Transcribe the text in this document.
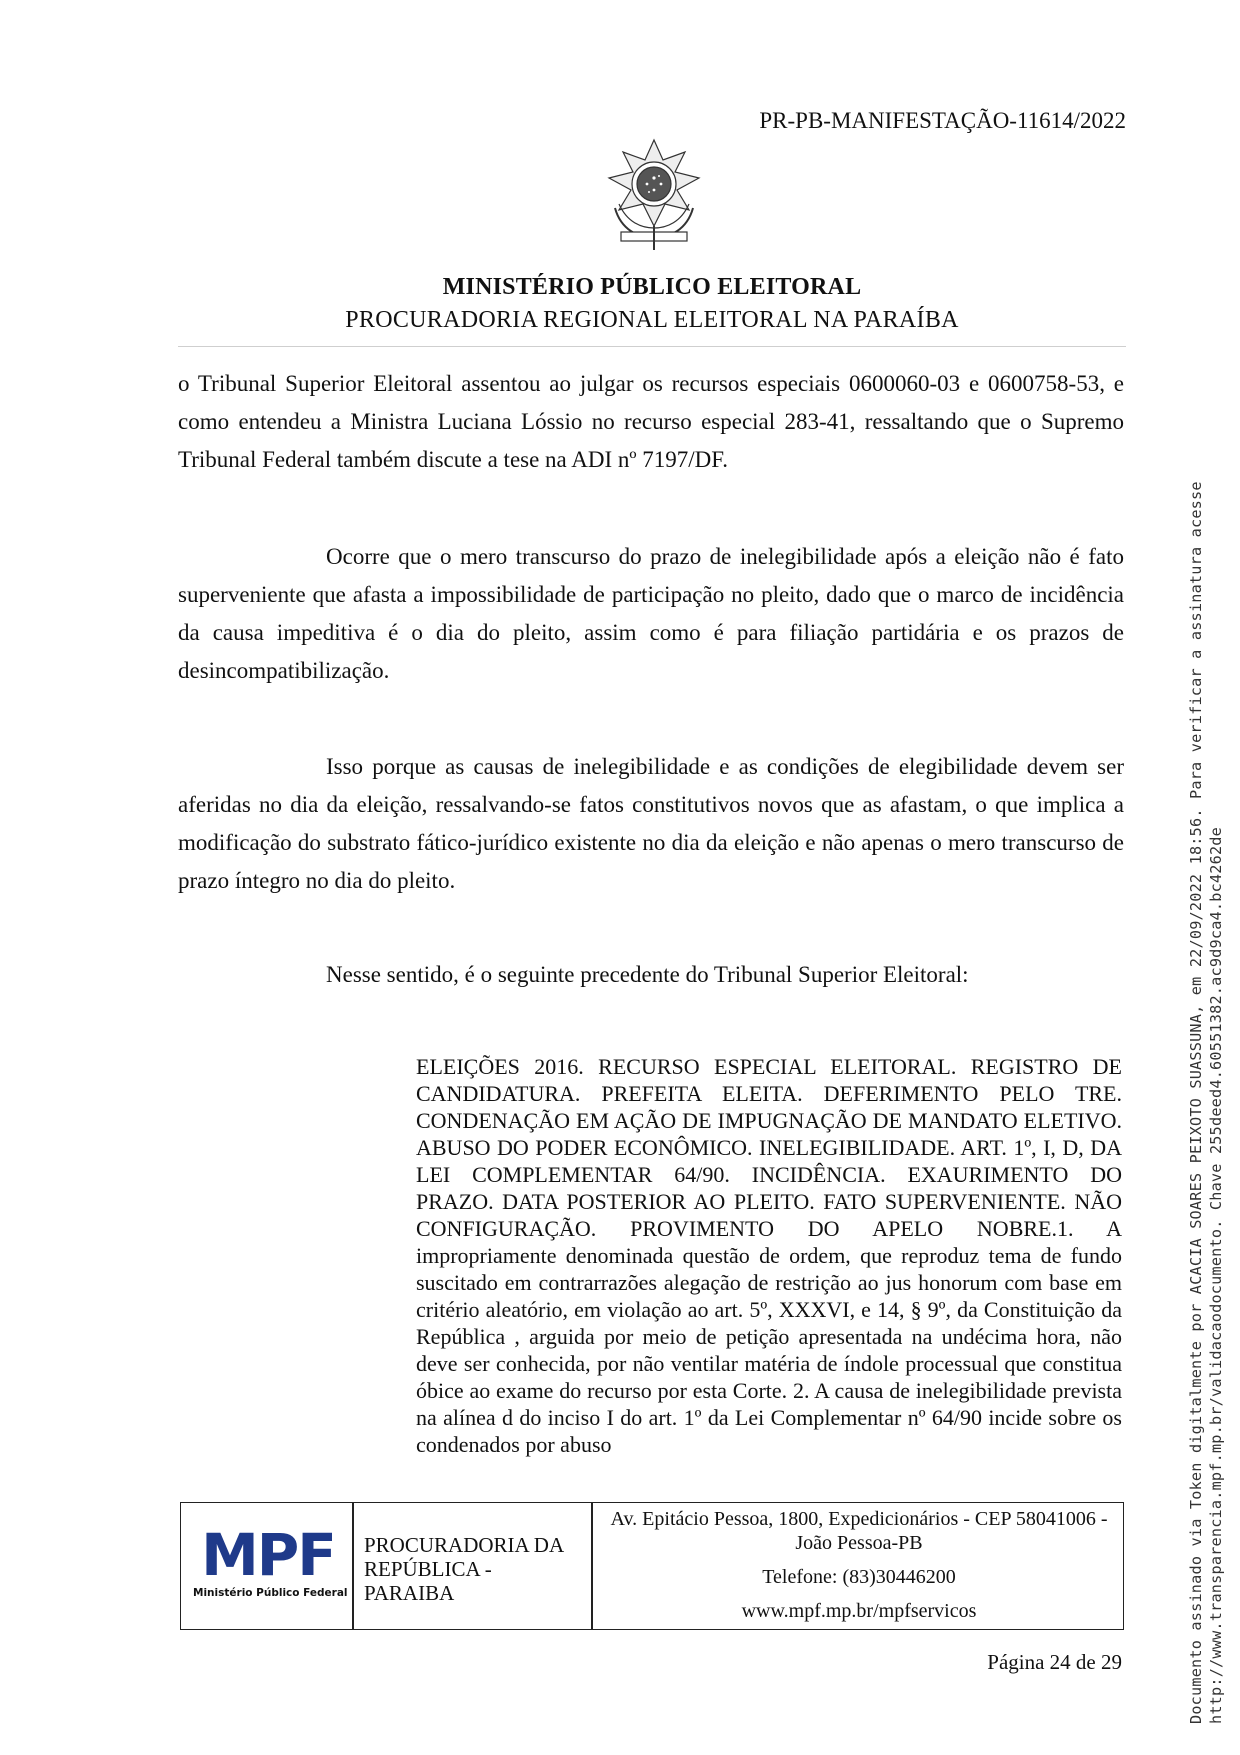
PR-PB-MANIFESTAÇÃO-11614/2022
MINISTÉRIO PÚBLICO ELEITORAL
PROCURADORIA REGIONAL ELEITORAL NA PARAÍBA
o Tribunal Superior Eleitoral assentou ao julgar os recursos especiais 0600060-03 e 0600758-53, e como entendeu a Ministra Luciana Lóssio no recurso especial 283-41, ressaltando que o Supremo Tribunal Federal também discute a tese na ADI nº 7197/DF.
Ocorre que o mero transcurso do prazo de inelegibilidade após a eleição não é fato superveniente que afasta a impossibilidade de participação no pleito, dado que o marco de incidência da causa impeditiva é o dia do pleito, assim como é para filiação partidária e os prazos de desincompatibilização.
Isso porque as causas de inelegibilidade e as condições de elegibilidade devem ser aferidas no dia da eleição, ressalvando-se fatos constitutivos novos que as afastam, o que implica a modificação do substrato fático-jurídico existente no dia da eleição e não apenas o mero transcurso de prazo íntegro no dia do pleito.
Nesse sentido, é o seguinte precedente do Tribunal Superior Eleitoral:
ELEIÇÕES 2016. RECURSO ESPECIAL ELEITORAL. REGISTRO DE CANDIDATURA. PREFEITA ELEITA. DEFERIMENTO PELO TRE. CONDENAÇÃO EM AÇÃO DE IMPUGNAÇÃO DE MANDATO ELETIVO. ABUSO DO PODER ECONÔMICO. INELEGIBILIDADE. ART. 1º, I, D, DA LEI COMPLEMENTAR 64/90. INCIDÊNCIA. EXAURIMENTO DO PRAZO. DATA POSTERIOR AO PLEITO. FATO SUPERVENIENTE. NÃO CONFIGURAÇÃO. PROVIMENTO DO APELO NOBRE.1. A impropriamente denominada questão de ordem, que reproduz tema de fundo suscitado em contrarrazões alegação de restrição ao jus honorum com base em critério aleatório, em violação ao art. 5º, XXXVI, e 14, § 9º, da Constituição da República , arguida por meio de petição apresentada na undécima hora, não deve ser conhecida, por não ventilar matéria de índole processual que constitua óbice ao exame do recurso por esta Corte. 2. A causa de inelegibilidade prevista na alínea d do inciso I do art. 1º da Lei Complementar nº 64/90 incide sobre os condenados por abuso
MPF
Ministério Público Federal
PROCURADORIA DA REPÚBLICA - PARAIBA
Av. Epitácio Pessoa, 1800, Expedicionários - CEP 58041006 - João Pessoa-PB
Telefone: (83)30446200
www.mpf.mp.br/mpfservicos
Página 24 de 29	Documento assinado via Token digitalmente por ACACIA SOARES PEIXOTO SUASSUNA, em 22/09/2022 18:56. Para verificar a assinatura acesse http://www.transparencia.mpf.mp.br/validacaodocumento. Chave 255deed4.60551382.ac9d9ca4.bc4262de
